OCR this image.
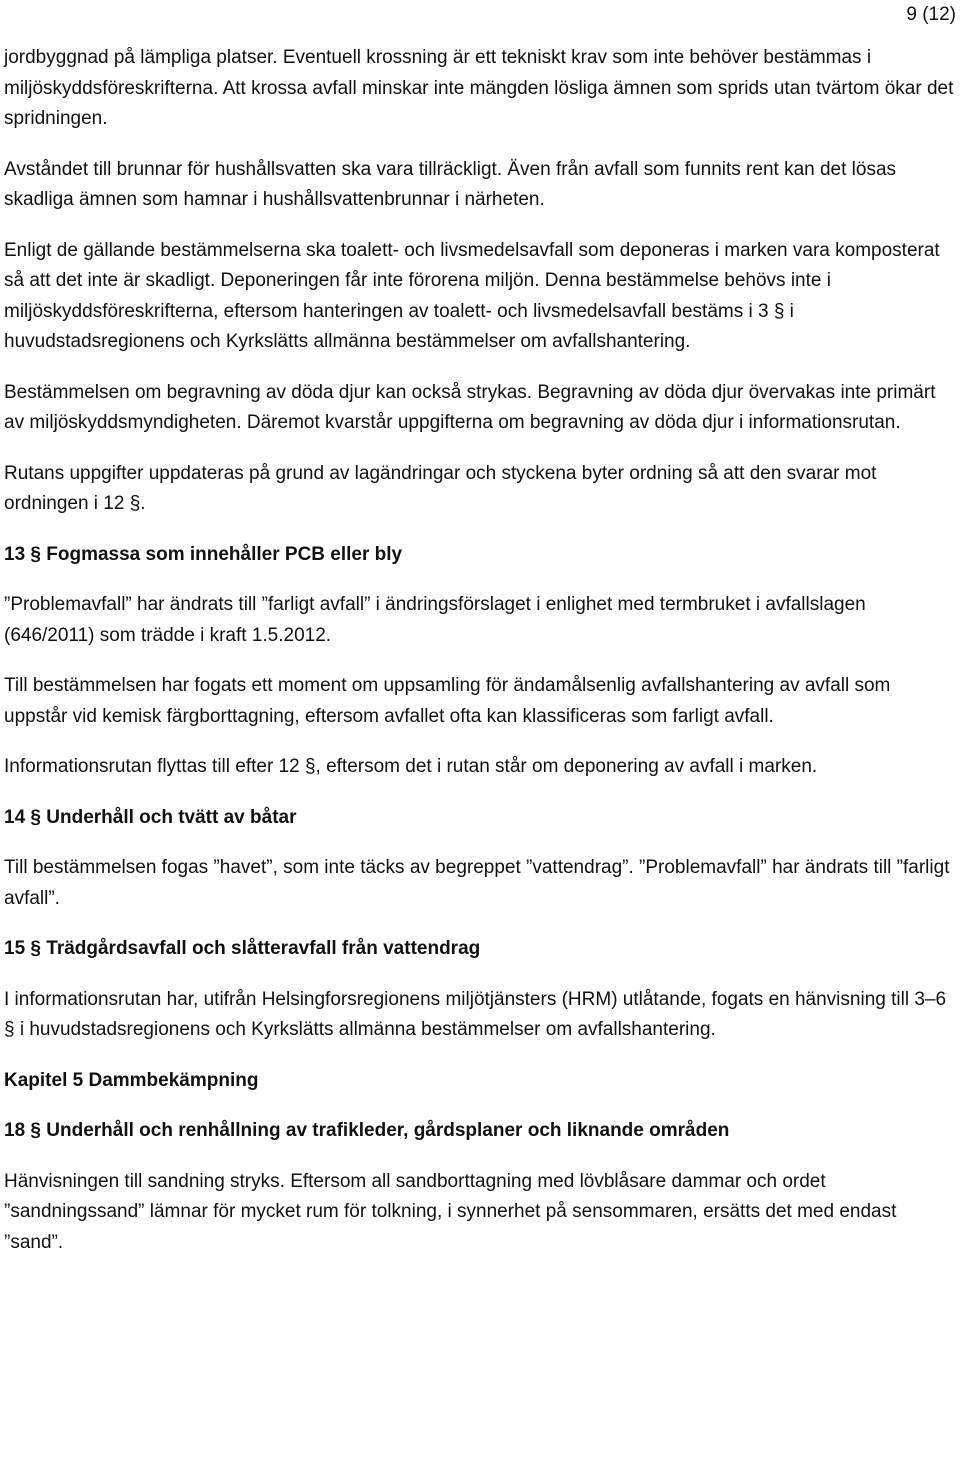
9 (12)

jordbyggnad på lämpliga platser. Eventuell krossning är ett tekniskt krav som inte behöver bestämmas i miljöskyddsföreskrifterna. Att krossa avfall minskar inte mängden lösliga ämnen som sprids utan tvärtom ökar det spridningen.

Avståndet till brunnar för hushållsvatten ska vara tillräckligt. Även från avfall som funnits rent kan det lösas skadliga ämnen som hamnar i hushållsvattenbrunnar i närheten.

Enligt de gällande bestämmelserna ska toalett- och livsmedelsavfall som deponeras i marken vara komposterat så att det inte är skadligt. Deponeringen får inte förorena miljön. Denna bestämmelse behövs inte i miljöskyddsföreskrifterna, eftersom hanteringen av toalett- och livsmedelsavfall bestäms i 3 § i huvudstadsregionens och Kyrkslätts allmänna bestämmelser om avfallshantering.

Bestämmelsen om begravning av döda djur kan också strykas. Begravning av döda djur övervakas inte primärt av miljöskyddsmyndigheten. Däremot kvarstår uppgifterna om begravning av döda djur i informationsrutan.

Rutans uppgifter uppdateras på grund av lagändringar och styckena byter ordning så att den svarar mot ordningen i 12 §.

13 § Fogmassa som innehåller PCB eller bly

”Problemavfall” har ändrats till ”farligt avfall” i ändringsförslaget i enlighet med termbruket i avfallslagen (646/2011) som trädde i kraft 1.5.2012.

Till bestämmelsen har fogats ett moment om uppsamling för ändamålsenlig avfallshantering av avfall som uppstår vid kemisk färgborttagning, eftersom avfallet ofta kan klassificeras som farligt avfall.

Informationsrutan flyttas till efter 12 §, eftersom det i rutan står om deponering av avfall i marken.

14 § Underhåll och tvätt av båtar

Till bestämmelsen fogas ”havet”, som inte täcks av begreppet ”vattendrag”. ”Problemavfall” har ändrats till ”farligt avfall”.

15 § Trädgårdsavfall och slåtteravfall från vattendrag

I informationsrutan har, utifrån Helsingforsregionens miljötjänsters (HRM) utlåtande, fogats en hänvisning till 3–6 § i huvudstadsregionens och Kyrkslätts allmänna bestämmelser om avfallshantering.

Kapitel 5 Dammbekämpning

18 § Underhåll och renhållning av trafikleder, gårdsplaner och liknande områden

Hänvisningen till sandning stryks. Eftersom all sandborttagning med lövblåsare dammar och ordet ”sandningssand” lämnar för mycket rum för tolkning, i synnerhet på sensommaren, ersätts det med endast ”sand”.
